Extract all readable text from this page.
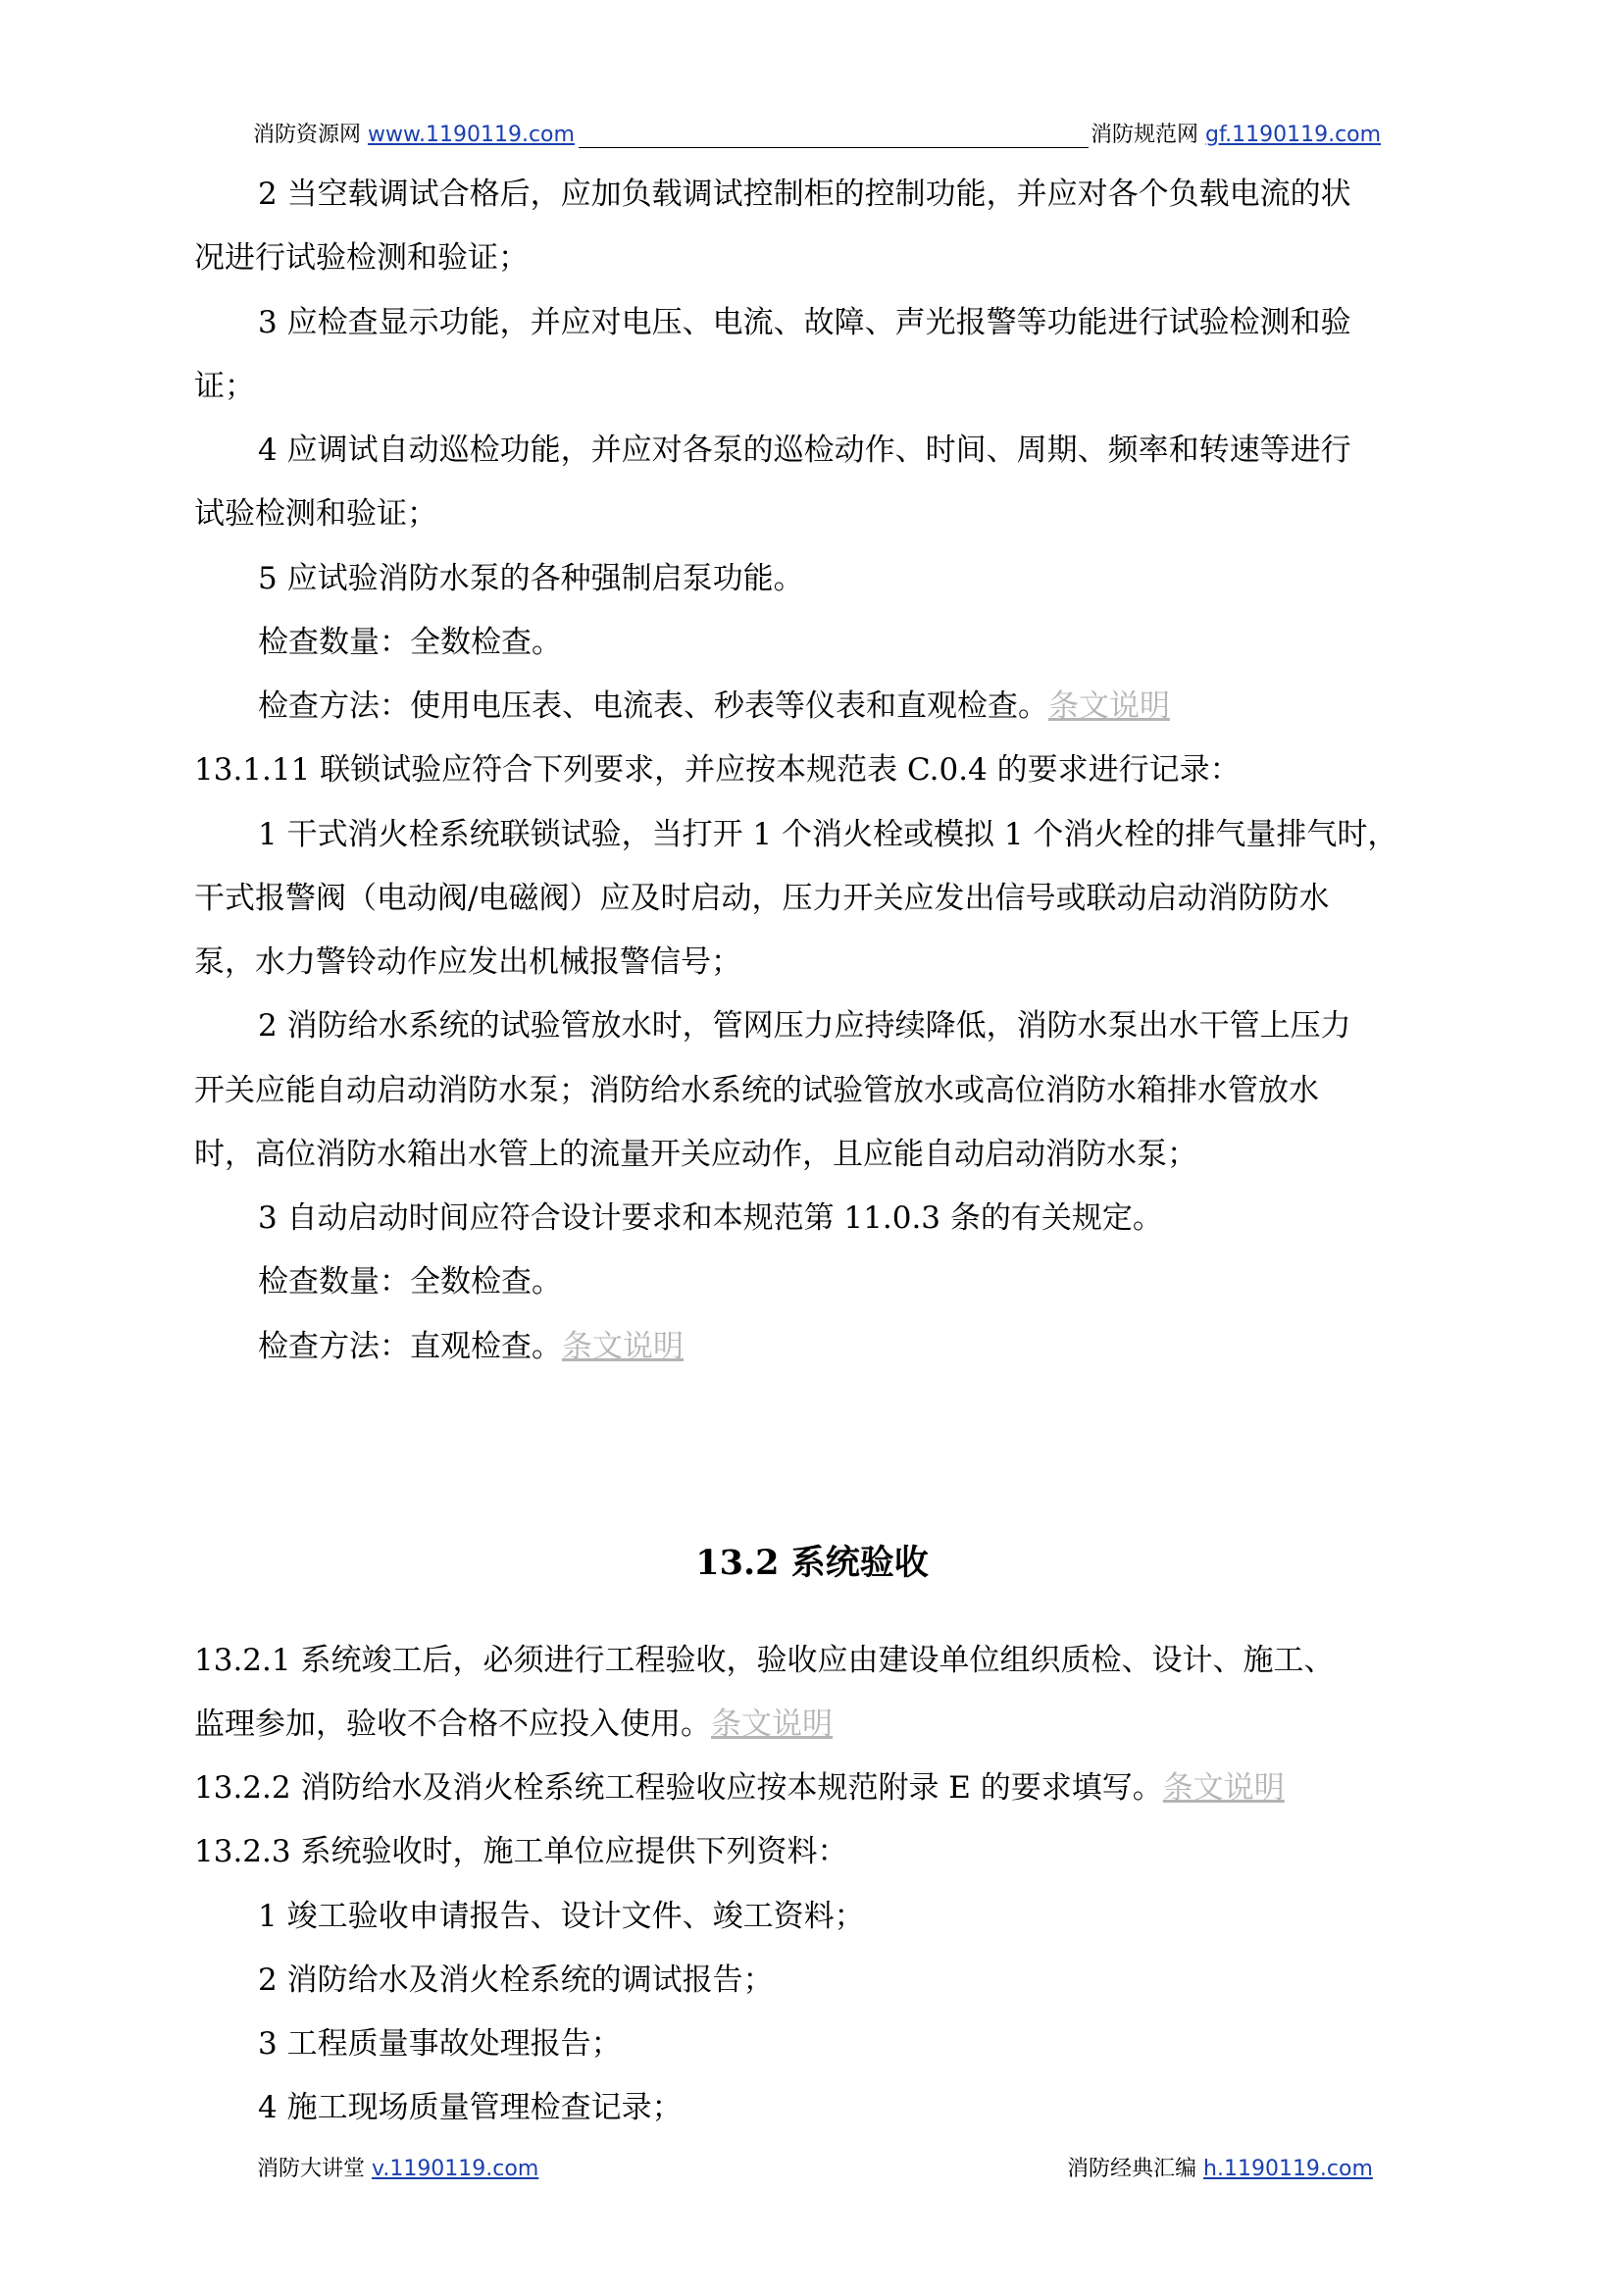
消防资源网 www.1190119.com	消防规范网 gf.1190119.com
2 当空载调试合格后，应加负载调试控制柜的控制功能，并应对各个负载电流的状
况进行试验检测和验证；
3 应检查显示功能，并应对电压、电流、故障、声光报警等功能进行试验检测和验
证；
4 应调试自动巡检功能，并应对各泵的巡检动作、时间、周期、频率和转速等进行
试验检测和验证；
5 应试验消防水泵的各种强制启泵功能。
检查数量：全数检查。
检查方法：使用电压表、电流表、秒表等仪表和直观检查。条文说明
13.1.11 联锁试验应符合下列要求，并应按本规范表 C.0.4 的要求进行记录：
1 干式消火栓系统联锁试验，当打开 1 个消火栓或模拟 1 个消火栓的排气量排气时，
干式报警阀（电动阀/电磁阀）应及时启动，压力开关应发出信号或联动启动消防防水
泵，水力警铃动作应发出机械报警信号；
2 消防给水系统的试验管放水时，管网压力应持续降低，消防水泵出水干管上压力
开关应能自动启动消防水泵；消防给水系统的试验管放水或高位消防水箱排水管放水
时，高位消防水箱出水管上的流量开关应动作，且应能自动启动消防水泵；
3 自动启动时间应符合设计要求和本规范第 11.0.3 条的有关规定。
检查数量：全数检查。
检查方法：直观检查。条文说明
13.2 系统验收
13.2.1 系统竣工后，必须进行工程验收，验收应由建设单位组织质检、设计、施工、
监理参加，验收不合格不应投入使用。条文说明
13.2.2 消防给水及消火栓系统工程验收应按本规范附录 E 的要求填写。条文说明
13.2.3 系统验收时，施工单位应提供下列资料：
1 竣工验收申请报告、设计文件、竣工资料；
2 消防给水及消火栓系统的调试报告；
3 工程质量事故处理报告；
4 施工现场质量管理检查记录；
消防大讲堂 v.1190119.com	消防经典汇编 h.1190119.com
